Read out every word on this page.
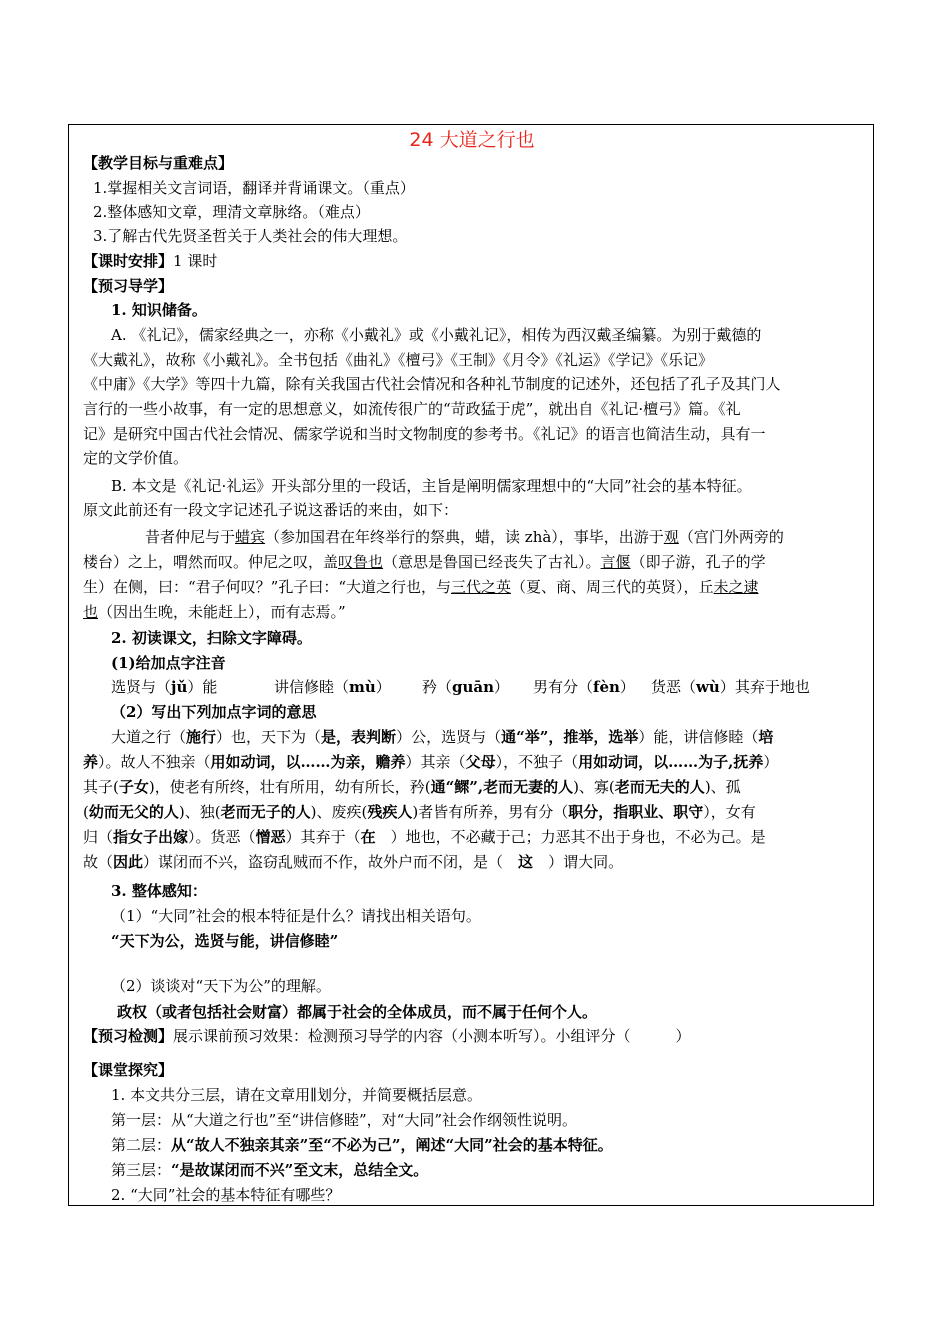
24 大道之行也
【教学目标与重难点】
1.掌握相关文言词语，翻译并背诵课文。（重点）
2.整体感知文章，理清文章脉络。（难点）
3.了解古代先贤圣哲关于人类社会的伟大理想。
【课时安排】1 课时
【预习导学】
1. 知识储备。
A. 《礼记》，儒家经典之一，亦称《小戴礼》或《小戴礼记》，相传为西汉戴圣编纂。为别于戴德的
《大戴礼》，故称《小戴礼》。全书包括《曲礼》《檀弓》《王制》《月令》《礼运》《学记》《乐记》
《中庸》《大学》等四十九篇，除有关我国古代社会情况和各种礼节制度的记述外，还包括了孔子及其门人
言行的一些小故事，有一定的思想意义，如流传很广的“苛政猛于虎”，就出自《礼记·檀弓》篇。《礼
记》是研究中国古代社会情况、儒家学说和当时文物制度的参考书。《礼记》的语言也简洁生动，具有一
定的文学价值。
B. 本文是《礼记·礼运》开头部分里的一段话，主旨是阐明儒家理想中的“大同”社会的基本特征。
原文此前还有一段文字记述孔子说这番话的来由，如下：
昔者仲尼与于蜡宾（参加国君在年终举行的祭典，蜡，读 zhà），事毕，出游于观（宫门外两旁的
楼台）之上，喟然而叹。仲尼之叹，盖叹鲁也（意思是鲁国已经丧失了古礼）。言偃（即子游，孔子的学
生）在侧，曰：“君子何叹？”孔子曰：“大道之行也，与三代之英（夏、商、周三代的英贤），丘未之逮
也（因出生晚，未能赶上），而有志焉。”
2. 初读课文，扫除文字障碍。
(1)给加点字注音
选贤与（jǔ）能	讲信修睦（mù） 矜（guān） 男有分（fèn） 货恶（wù）其弃于地也
（2）写出下列加点字词的意思
大道之行（施行）也，天下为（是，表判断）公，选贤与（通“举”，推举，选举）能，讲信修睦（培
养）。故人不独亲（用如动词，以……为亲，赡养）其亲（父母），不独子（用如动词，以……为子,抚养）
其子(子女)，使老有所终，壮有所用，幼有所长，矜(通“鳏”,老而无妻的人)、寡(老而无夫的人)、孤
(幼而无父的人)、独(老而无子的人)、废疾(残疾人)者皆有所养，男有分（职分，指职业、职守），女有
归（指女子出嫁）。货恶（憎恶）其弃于（在　）地也，不必藏于己；力恶其不出于身也，不必为己。是
故（因此）谋闭而不兴，盗窃乱贼而不作，故外户而不闭，是（　这　）谓大同。
3. 整体感知：
（1）“大同”社会的根本特征是什么？请找出相关语句。
“天下为公，选贤与能，讲信修睦”
（2）谈谈对“天下为公”的理解。
政权（或者包括社会财富）都属于社会的全体成员，而不属于任何个人。
【预习检测】展示课前预习效果：检测预习导学的内容（小测本听写）。小组评分（　　　）
【课堂探究】
1. 本文共分三层，请在文章用∥划分，并简要概括层意。
第一层：从“大道之行也”至“讲信修睦”，对“大同”社会作纲领性说明。
第二层：从“故人不独亲其亲”至“不必为己”，阐述“大同”社会的基本特征。
第三层：“是故谋闭而不兴”至文末，总结全文。
2. “大同”社会的基本特征有哪些？
